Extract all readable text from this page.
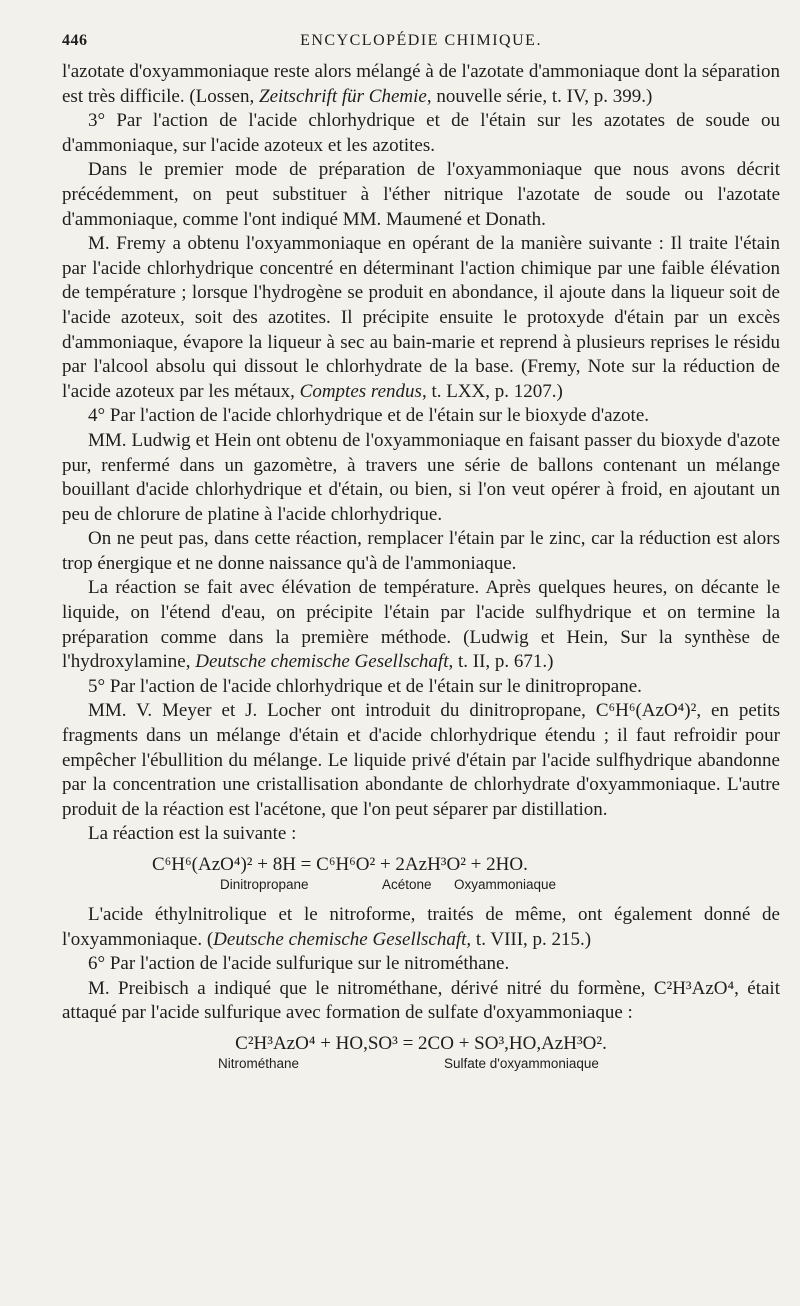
446	ENCYCLOPÉDIE CHIMIQUE.

l'azotate d'oxyammoniaque reste alors mélangé à de l'azotate d'ammoniaque dont la séparation est très difficile. (Lossen, Zeitschrift für Chemie, nouvelle série, t. IV, p. 399.)

3° Par l'action de l'acide chlorhydrique et de l'étain sur les azotates de soude ou d'ammoniaque, sur l'acide azoteux et les azotites.

Dans le premier mode de préparation de l'oxyammoniaque que nous avons décrit précédemment, on peut substituer à l'éther nitrique l'azotate de soude ou l'azotate d'ammoniaque, comme l'ont indiqué MM. Maumené et Donath.

M. Fremy a obtenu l'oxyammoniaque en opérant de la manière suivante : Il traite l'étain par l'acide chlorhydrique concentré en déterminant l'action chimique par une faible élévation de température ; lorsque l'hydrogène se produit en abondance, il ajoute dans la liqueur soit de l'acide azoteux, soit des azotites. Il précipite ensuite le protoxyde d'étain par un excès d'ammoniaque, évapore la liqueur à sec au bain-marie et reprend à plusieurs reprises le résidu par l'alcool absolu qui dissout le chlorhydrate de la base. (Fremy, Note sur la réduction de l'acide azoteux par les métaux, Comptes rendus, t. LXX, p. 1207.)

4° Par l'action de l'acide chlorhydrique et de l'étain sur le bioxyde d'azote.

MM. Ludwig et Hein ont obtenu de l'oxyammoniaque en faisant passer du bioxyde d'azote pur, renfermé dans un gazomètre, à travers une série de ballons contenant un mélange bouillant d'acide chlorhydrique et d'étain, ou bien, si l'on veut opérer à froid, en ajoutant un peu de chlorure de platine à l'acide chlorhydrique.

On ne peut pas, dans cette réaction, remplacer l'étain par le zinc, car la réduction est alors trop énergique et ne donne naissance qu'à de l'ammoniaque.

La réaction se fait avec élévation de température. Après quelques heures, on décante le liquide, on l'étend d'eau, on précipite l'étain par l'acide sulfhydrique et on termine la préparation comme dans la première méthode. (Ludwig et Hein, Sur la synthèse de l'hydroxylamine, Deutsche chemische Gesellschaft, t. II, p. 671.)

5° Par l'action de l'acide chlorhydrique et de l'étain sur le dinitropropane.

MM. V. Meyer et J. Locher ont introduit du dinitropropane, C⁶H⁶(AzO⁴)², en petits fragments dans un mélange d'étain et d'acide chlorhydrique étendu ; il faut refroidir pour empêcher l'ébullition du mélange. Le liquide privé d'étain par l'acide sulfhydrique abandonne par la concentration une cristallisation abondante de chlorhydrate d'oxyammoniaque. L'autre produit de la réaction est l'acétone, que l'on peut séparer par distillation.

La réaction est la suivante :

C⁶H⁶(AzO⁴)² + 8H = C⁶H⁶O² + 2AzH³O² + 2HO.
Dinitropropane	Acétone Oxyammoniaque

L'acide éthylnitrolique et le nitroforme, traités de même, ont également donné de l'oxyammoniaque. (Deutsche chemische Gesellschaft, t. VIII, p. 215.)

6° Par l'action de l'acide sulfurique sur le nitrométhane.

M. Preibisch a indiqué que le nitrométhane, dérivé nitré du formène, C²H³AzO⁴, était attaqué par l'acide sulfurique avec formation de sulfate d'oxyammoniaque :

C²H³AzO⁴ + HO,SO³ = 2CO + SO³,HO,AzH³O².
Nitrométhane	Sulfate d'oxyammoniaque
